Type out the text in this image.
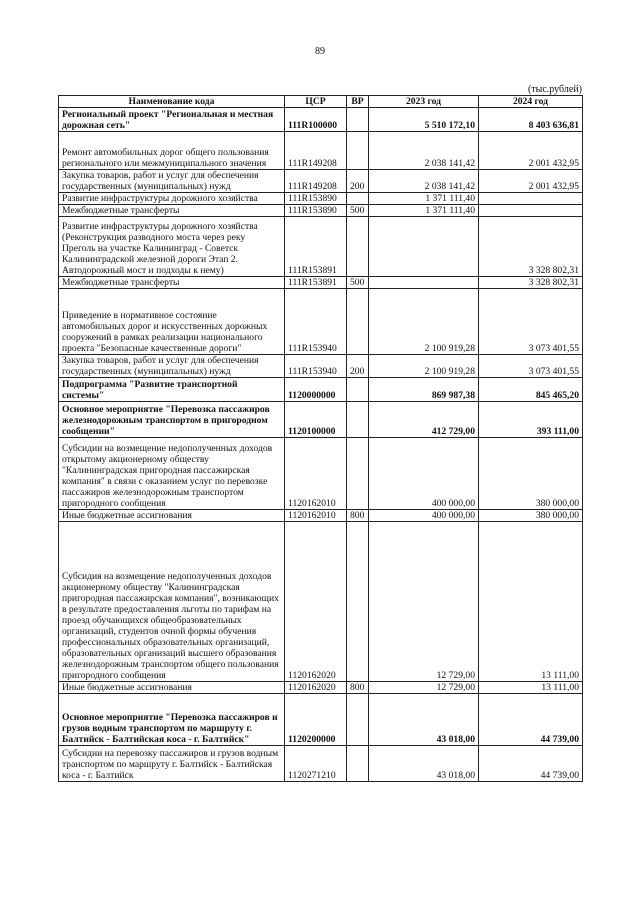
89
(тыс.рублей)
Наименование кода	ЦСР	ВР	2023 год	2024 год
Региональный проект "Региональная и местная дорожная сеть"	111R100000		5 510 172,10	8 403 636,81
Ремонт автомобильных дорог общего пользования регионального или межмуниципального значения	111R149208		2 038 141,42	2 001 432,95
Закупка товаров, работ и услуг для обеспечения государственных (муниципальных) нужд	111R149208	200	2 038 141,42	2 001 432,95
Развитие инфраструктуры дорожного хозяйства	111R153890		1 371 111,40	
Межбюджетные трансферты	111R153890	500	1 371 111,40	
Развитие инфраструктуры дорожного хозяйства (Реконструкция разводного моста через реку Преголь на участке Калининград - Советск Калининградской железной дороги Этап 2. Автодорожный мост и подходы к нему)	111R153891			3 328 802,31
Межбюджетные трансферты	111R153891	500		3 328 802,31
Приведение в нормативное состояние автомобильных дорог и искусственных дорожных сооружений в рамках реализации национального проекта "Безопасные качественные дороги"	111R153940		2 100 919,28	3 073 401,55
Закупка товаров, работ и услуг для обеспечения государственных (муниципальных) нужд	111R153940	200	2 100 919,28	3 073 401,55
Подпрограмма "Развитие транспортной системы"	1120000000		869 987,38	845 465,20
Основное мероприятие "Перевозка пассажиров железнодорожным транспортом в пригородном сообщении"	1120100000		412 729,00	393 111,00
Субсидии на возмещение недополученных доходов открытому акционерному обществу "Калининградская пригородная пассажирская компания" в связи с оказанием услуг по перевозке пассажиров железнодорожным транспортом пригородного сообщения	1120162010		400 000,00	380 000,00
Иные бюджетные ассигнования	1120162010	800	400 000,00	380 000,00
Субсидия на возмещение недополученных доходов акционерному обществу "Калининградская пригородная пассажирская компания", возникающих в результате предоставления льготы по тарифам на проезд обучающихся общеобразовательных организаций, студентов очной формы обучения профессиональных образовательных организаций, образовательных организаций высшего образования железнодорожным транспортом общего пользования пригородного сообщения	1120162020		12 729,00	13 111,00
Иные бюджетные ассигнования	1120162020	800	12 729,00	13 111,00
Основное мероприятие "Перевозка пассажиров и грузов водным транспортом по маршруту г. Балтийск - Балтийская коса - г. Балтийск"	1120200000		43 018,00	44 739,00
Субсидии на перевозку пассажиров и грузов водным транспортом по маршруту г. Балтийск - Балтийская коса - г. Балтийск	1120271210		43 018,00	44 739,00
